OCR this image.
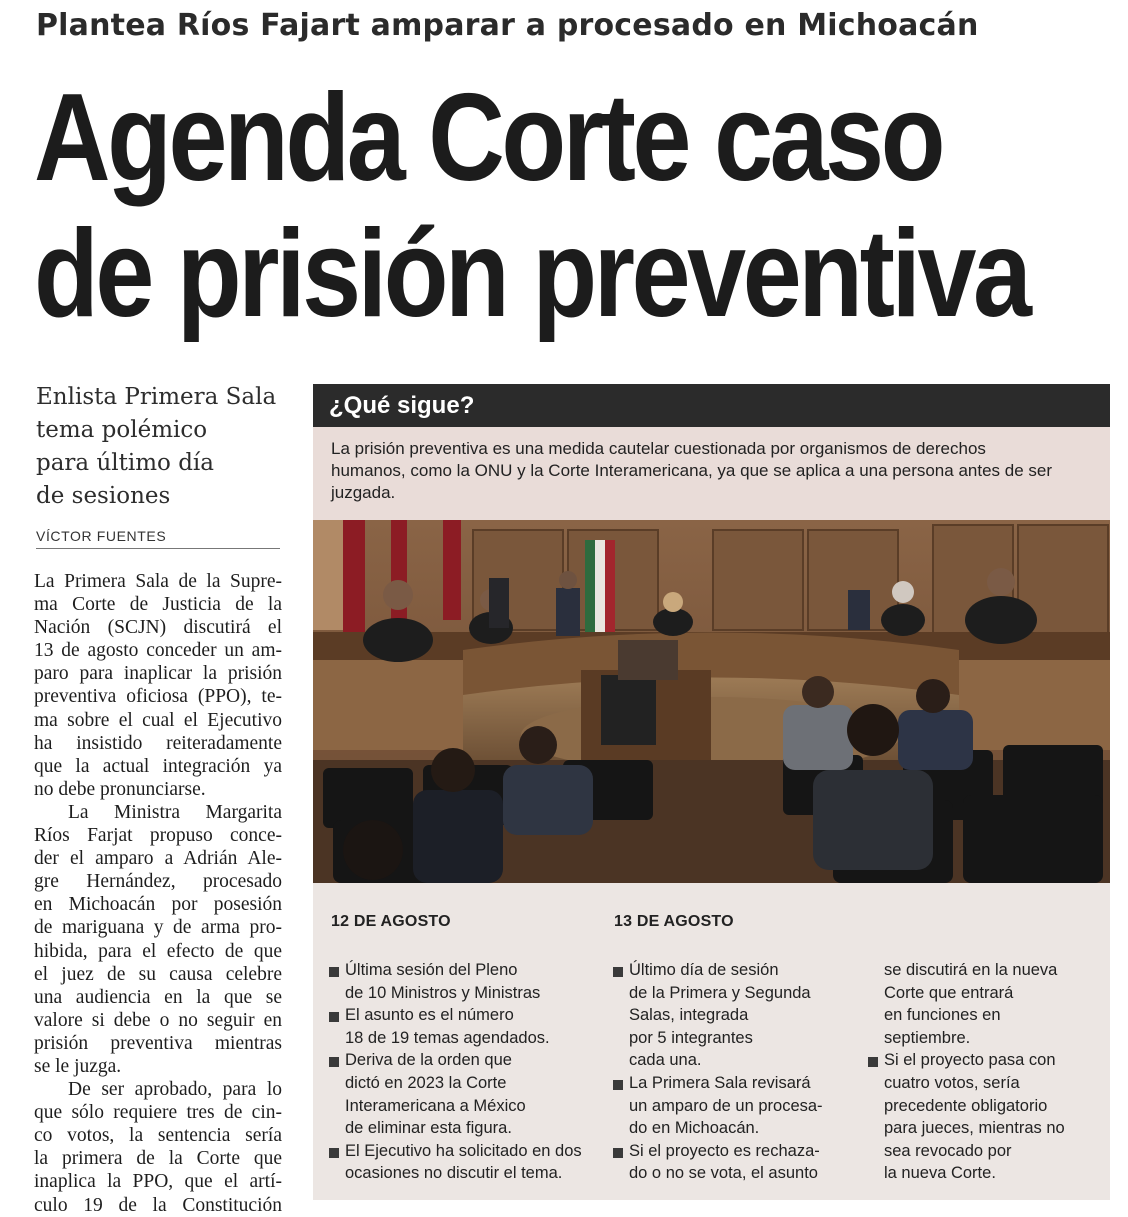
Plantea Ríos Fajart amparar a procesado en Michoacán
Agenda Corte caso
de prisión preventiva
Enlista Primera Sala
tema polémico
para último día
de sesiones
VÍCTOR FUENTES

La Primera Sala de la Supre-
ma Corte de Justicia de la
Nación (SCJN) discutirá el
13 de agosto conceder un am-
paro para inaplicar la prisión
preventiva oficiosa (PPO), te-
ma sobre el cual el Ejecutivo
ha insistido reiteradamente
que la actual integración ya
no debe pronunciarse.

La Ministra Margarita
Ríos Farjat propuso conce-
der el amparo a Adrián Ale-
gre Hernández, procesado
en Michoacán por posesión
de mariguana y de arma pro-
hibida, para el efecto de que
el juez de su causa celebre
una audiencia en la que se
valore si debe o no seguir en
prisión preventiva mientras
se le juzga.

De ser aprobado, para lo
que sólo requiere tres de cin-
co votos, la sentencia sería
la primera de la Corte que
inaplica la PPO, que el artí-
culo 19 de la Constitución

¿Qué sigue?
La prisión preventiva es una medida cautelar cuestionada por organismos de derechos
humanos, como la ONU y la Corte Interamericana, ya que se aplica a una persona antes de ser
juzgada.
12 DE AGOSTO	13 DE AGOSTO
Última sesión del Pleno
de 10 Ministros y Ministras
El asunto es el número
18 de 19 temas agendados.
Deriva de la orden que
dictó en 2023 la Corte
Interamericana a México
de eliminar esta figura.
El Ejecutivo ha solicitado en dos
ocasiones no discutir el tema.
Último día de sesión
de la Primera y Segunda
Salas, integrada
por 5 integrantes
cada una.
La Primera Sala revisará
un amparo de un procesa-
do en Michoacán.
Si el proyecto es rechaza-
do o no se vota, el asunto
se discutirá en la nueva
Corte que entrará
en funciones en
septiembre.
Si el proyecto pasa con
cuatro votos, sería
precedente obligatorio
para jueces, mientras no
sea revocado por
la nueva Corte.
